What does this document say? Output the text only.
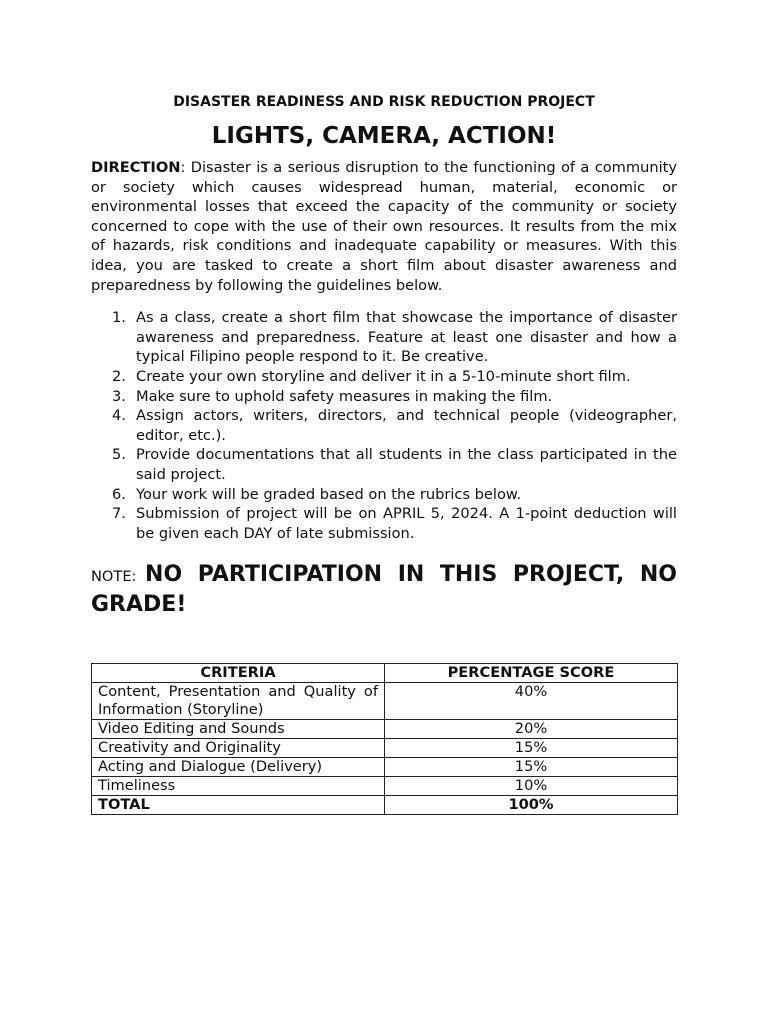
DISASTER READINESS AND RISK REDUCTION PROJECT

LIGHTS, CAMERA, ACTION!

DIRECTION: Disaster is a serious disruption to the functioning of a community or society which causes widespread human, material, economic or environmental losses that exceed the capacity of the community or society concerned to cope with the use of their own resources. It results from the mix of hazards, risk conditions and inadequate capability or measures. With this idea, you are tasked to create a short film about disaster awareness and preparedness by following the guidelines below.

1. As a class, create a short film that showcase the importance of disaster awareness and preparedness. Feature at least one disaster and how a typical Filipino people respond to it. Be creative.
2. Create your own storyline and deliver it in a 5-10-minute short film.
3. Make sure to uphold safety measures in making the film.
4. Assign actors, writers, directors, and technical people (videographer, editor, etc.).
5. Provide documentations that all students in the class participated in the said project.
6. Your work will be graded based on the rubrics below.
7. Submission of project will be on APRIL 5, 2024. A 1-point deduction will be given each DAY of late submission.

NOTE: NO PARTICIPATION IN THIS PROJECT, NO GRADE!

CRITERIA	PERCENTAGE SCORE
Content, Presentation and Quality of Information (Storyline)	40%
Video Editing and Sounds	20%
Creativity and Originality	15%
Acting and Dialogue (Delivery)	15%
Timeliness	10%
TOTAL	100%
